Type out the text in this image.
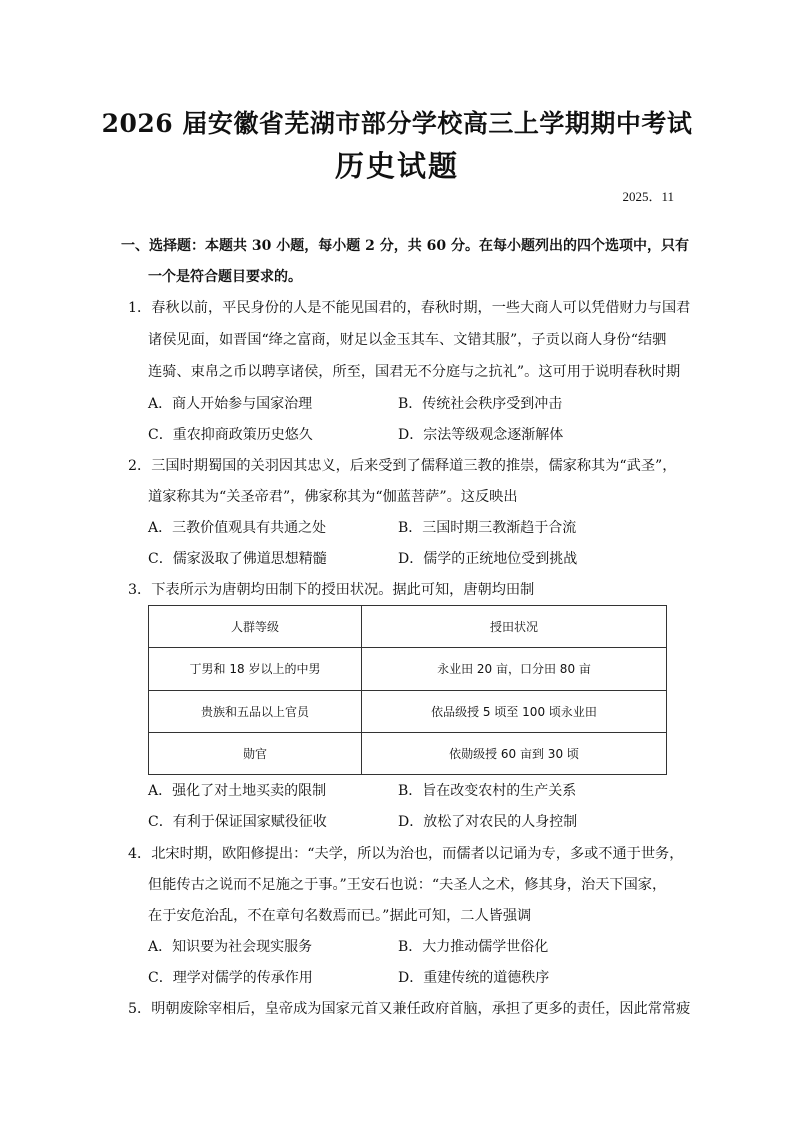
2026 届安徽省芜湖市部分学校高三上学期期中考试
历史试题
2025．11
一、选择题：本题共 30 小题，每小题 2 分，共 60 分。在每小题列出的四个选项中，只有
一个是符合题目要求的。
1．春秋以前，平民身份的人是不能见国君的，春秋时期，一些大商人可以凭借财力与国君
诸侯见面，如晋国“绛之富商，财足以金玉其车、文错其服”，子贡以商人身份“结驷
连骑、束帛之币以聘享诸侯，所至，国君无不分庭与之抗礼”。这可用于说明春秋时期
A．商人开始参与国家治理	B．传统社会秩序受到冲击
C．重农抑商政策历史悠久	D．宗法等级观念逐渐解体
2．三国时期蜀国的关羽因其忠义，后来受到了儒释道三教的推崇，儒家称其为“武圣”，
道家称其为“关圣帝君”，佛家称其为“伽蓝菩萨”。这反映出
A．三教价值观具有共通之处	B．三国时期三教渐趋于合流
C．儒家汲取了佛道思想精髓	D．儒学的正统地位受到挑战
3．下表所示为唐朝均田制下的授田状况。据此可知，唐朝均田制
人群等级	授田状况
丁男和 18 岁以上的中男	永业田 20 亩，口分田 80 亩
贵族和五品以上官员	依品级授 5 顷至 100 顷永业田
勋官	依勋级授 60 亩到 30 顷
A．强化了对土地买卖的限制	B．旨在改变农村的生产关系
C．有利于保证国家赋役征收	D．放松了对农民的人身控制
4．北宋时期，欧阳修提出：“夫学，所以为治也，而儒者以记诵为专，多或不通于世务，
但能传古之说而不足施之于事。”王安石也说：“夫圣人之术，修其身，治天下国家，
在于安危治乱，不在章句名数焉而已。”据此可知，二人皆强调
A．知识要为社会现实服务	B．大力推动儒学世俗化
C．理学对儒学的传承作用	D．重建传统的道德秩序
5．明朝废除宰相后，皇帝成为国家元首又兼任政府首脑，承担了更多的责任，因此常常疲
